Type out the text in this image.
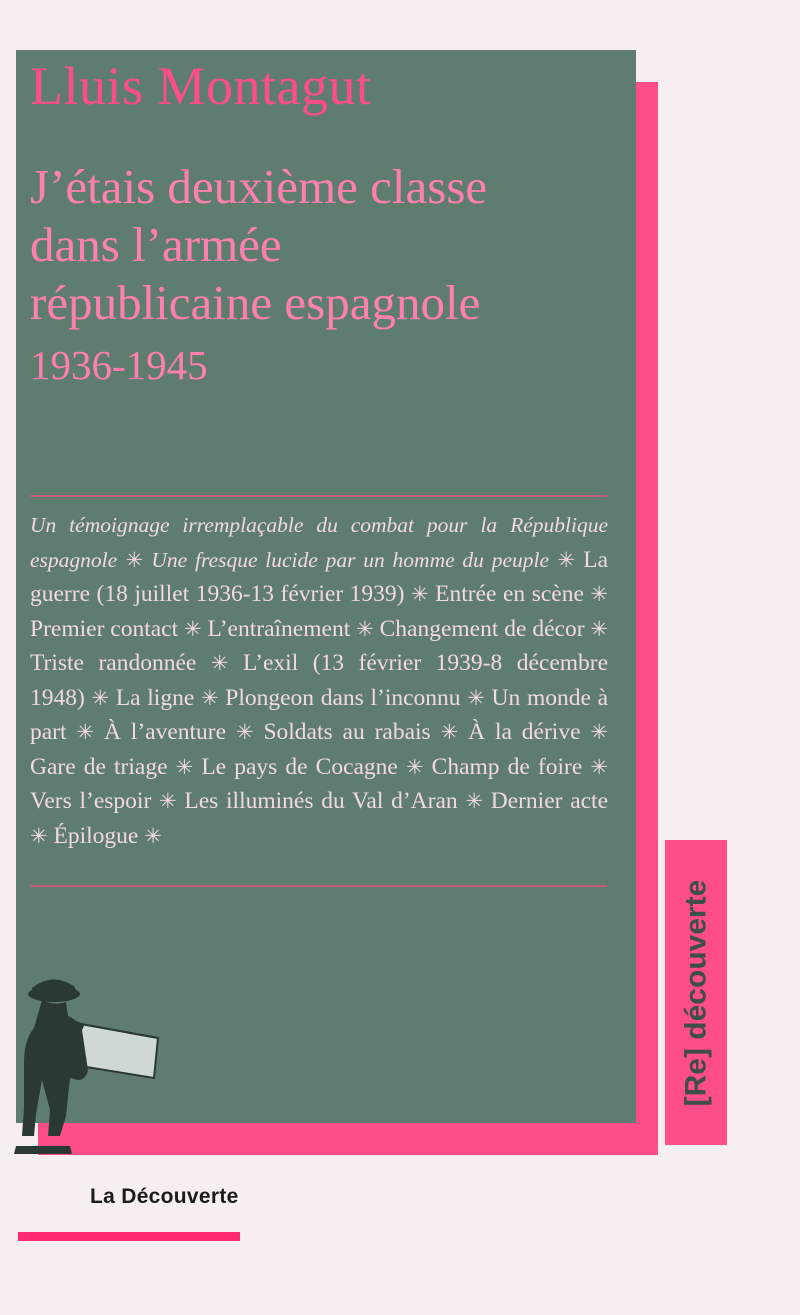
Lluis Montagut
J’étais deuxième classe
dans l’armée
républicaine espagnole
1936-1945
Un témoignage irremplaçable du combat pour la République espagnole ✳ Une fresque lucide par un homme du peuple ✳ La guerre (18 juillet 1936-13 février 1939) ✳ Entrée en scène ✳ Premier contact ✳ L’entraînement ✳ Changement de décor ✳ Triste randonnée ✳ L’exil (13 février 1939-8 décembre 1948) ✳ La ligne ✳ Plongeon dans l’inconnu ✳ Un monde à part ✳ À l’aventure ✳ Soldats au rabais ✳ À la dérive ✳ Gare de triage ✳ Le pays de Cocagne ✳ Champ de foire ✳ Vers l’espoir ✳ Les illuminés du Val d’Aran ✳ Dernier acte ✳ Épilogue ✳
La Découverte
[Re] découverte
